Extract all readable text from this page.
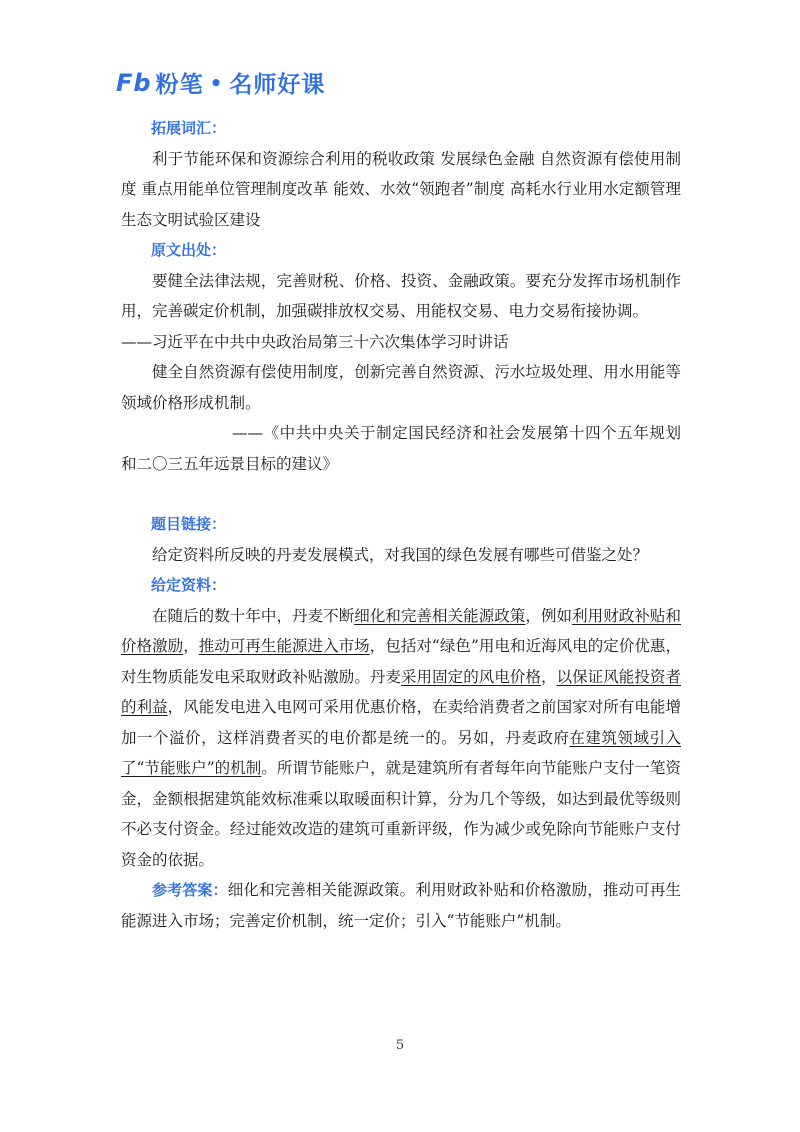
Fb 粉笔 • 名师好课

拓展词汇：

利于节能环保和资源综合利用的税收政策 发展绿色金融 自然资源有偿使用制度 重点用能单位管理制度改革 能效、水效“领跑者”制度 高耗水行业用水定额管理 生态文明试验区建设

原文出处：

要健全法律法规，完善财税、价格、投资、金融政策。要充分发挥市场机制作用，完善碳定价机制，加强碳排放权交易、用能权交易、电力交易衔接协调。

——习近平在中共中央政治局第三十六次集体学习时讲话

健全自然资源有偿使用制度，创新完善自然资源、污水垃圾处理、用水用能等领域价格形成机制。

——《中共中央关于制定国民经济和社会发展第十四个五年规划和二〇三五年远景目标的建议》

题目链接：

给定资料所反映的丹麦发展模式，对我国的绿色发展有哪些可借鉴之处？

给定资料：

在随后的数十年中，丹麦不断细化和完善相关能源政策，例如利用财政补贴和价格激励，推动可再生能源进入市场，包括对“绿色”用电和近海风电的定价优惠，对生物质能发电采取财政补贴激励。丹麦采用固定的风电价格，以保证风能投资者的利益，风能发电进入电网可采用优惠价格，在卖给消费者之前国家对所有电能增加一个溢价，这样消费者买的电价都是统一的。另如，丹麦政府在建筑领域引入了“节能账户”的机制。所谓节能账户，就是建筑所有者每年向节能账户支付一笔资金，金额根据建筑能效标准乘以取暖面积计算，分为几个等级，如达到最优等级则不必支付资金。经过能效改造的建筑可重新评级，作为减少或免除向节能账户支付资金的依据。

参考答案：细化和完善相关能源政策。利用财政补贴和价格激励，推动可再生能源进入市场；完善定价机制，统一定价；引入“节能账户”机制。

5
